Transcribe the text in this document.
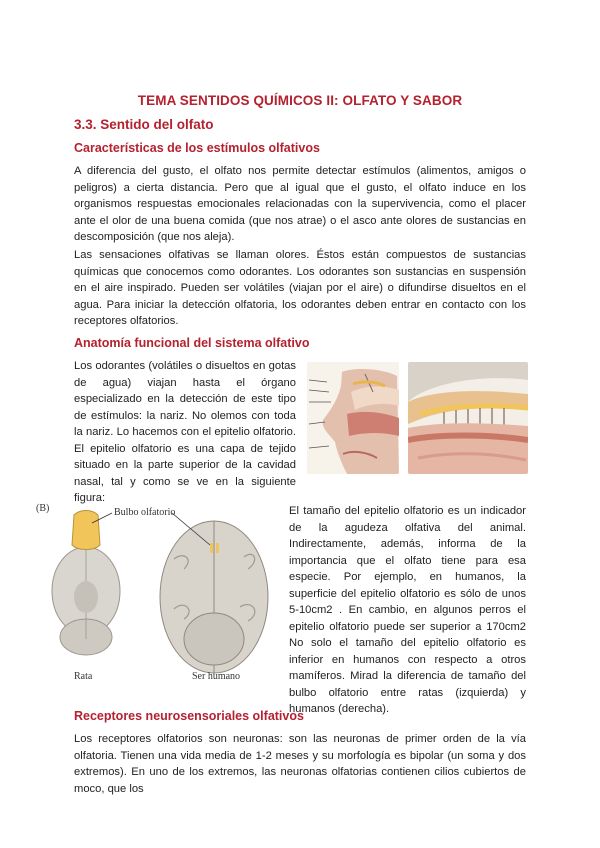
TEMA SENTIDOS QUÍMICOS II: OLFATO Y SABOR
3.3. Sentido del olfato
Características de los estímulos olfativos

A diferencia del gusto, el olfato nos permite detectar estímulos (alimentos, amigos o peligros) a cierta distancia. Pero que al igual que el gusto, el olfato induce en los organismos respuestas emocionales relacionadas con la supervivencia, como el placer ante el olor de una buena comida (que nos atrae) o el asco ante olores de sustancias en descomposición (que nos aleja).

Las sensaciones olfativas se llaman olores. Éstos están compuestos de sustancias químicas que conocemos como odorantes. Los odorantes son sustancias en suspensión en el aire inspirado. Pueden ser volátiles (viajan por el aire) o difundirse disueltos en el agua. Para iniciar la detección olfatoria, los odorantes deben entrar en contacto con los receptores olfatorios.

Anatomía funcional del sistema olfativo

Los odorantes (volátiles o disueltos en gotas de agua) viajan hasta el órgano especializado en la detección de este tipo de estímulos: la nariz. No olemos con toda la nariz. Lo hacemos con el epitelio olfatorio. El epitelio olfatorio es una capa de tejido situado en la parte superior de la cavidad nasal, tal y como se ve en la siguiente figura:

(B)	Bulbo olfatorio
Rata	Ser humano

El tamaño del epitelio olfatorio es un indicador de la agudeza olfativa del animal. Indirectamente, además, informa de la importancia que el olfato tiene para esa especie. Por ejemplo, en humanos, la superficie del epitelio olfatorio es sólo de unos 5-10cm2 . En cambio, en algunos perros el epitelio olfatorio puede ser superior a 170cm2 No solo el tamaño del epitelio olfatorio es inferior en humanos con respecto a otros mamíferos. Mirad la diferencia de tamaño del bulbo olfatorio entre ratas (izquierda) y humanos (derecha).

Receptores neurosensoriales olfativos

Los receptores olfatorios son neuronas: son las neuronas de primer orden de la vía olfatoria. Tienen una vida media de 1-2 meses y su morfología es bipolar (un soma y dos extremos). En uno de los extremos, las neuronas olfatorias contienen cilios cubiertos de moco, que los
